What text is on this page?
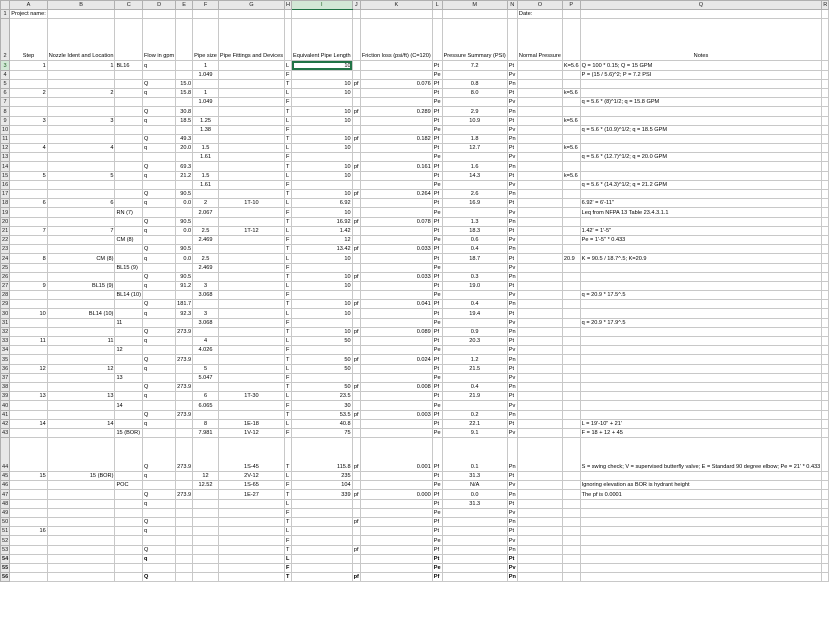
	A	B	C	D	E	F	G	H	I	J	K	L	M	N	O	P	Q	R
1	Project name:														Date:			
2	Step	Nozzle Ident and Location		Flow in gpm		Pipe size	Pipe Fittings and Devices		Equivalent Pipe Length		Friction loss (psi/ft) (C=120)		Pressure Summary (PSI)		Normal Pressure		Notes	
3	1	1	BL16	q		1		L	10			Pt	7.2	Pt		K=5.6	Q = 100 * 0.15; Q = 15 GPM	
4						1.049		F				Pe		Pv			P = (15 / 5.6)^2; P = 7.2 PSI	
5				Q	15.0			T	10	pf	0.076	Pf	0.8	Pn				
6	2	2		q	15.8	1		L	10			Pt	8.0	Pt		k=5.6		
7						1.049		F				Pe		Pv			q = 5.6 * (8)^1/2; q = 15.8 GPM	
8				Q	30.8			T	10	pf	0.289	Pf	2.9	Pn				
9	3	3		q	18.5	1.25		L	10			Pt	10.9	Pt		k=5.6		
10						1.38		F				Pe		Pv			q = 5.6 * (10.9)^1/2; q = 18.5 GPM	
11				Q	49.3			T	10	pf	0.182	Pf	1.8	Pn				
12	4	4		q	20.0	1.5		L	10			Pt	12.7	Pt		k=5.6		
13						1.61		F				Pe		Pv			q = 5.6 * (12.7)^1/2; q = 20.0 GPM	
14				Q	69.3			T	10	pf	0.161	Pf	1.6	Pn				
15	5	5		q	21.2	1.5		L	10			Pt	14.3	Pt		k=5.6		
16						1.61		F				Pe		Pv			q = 5.6 * (14.3)^1/2; q = 21.2 GPM	
17				Q	90.5			T	10	pf	0.264	Pf	2.6	Pn				
18	6	6		q	0.0	2	1T-10	L	6.92			Pt	16.9	Pt			6.92' = 6'-11"	
19			RN (7)			2.067		F	10			Pe		Pv			Leq from NFPA 13 Table 23.4.3.1.1	
20				Q	90.5			T	16.92	pf	0.078	Pf	1.3	Pn				
21	7	7		q	0.0	2.5	1T-12	L	1.42			Pt	18.3	Pt			1.42' = 1'-5"	
22			CM (8)			2.469		F	12			Pe	0.6	Pv			Pe = 1'-5" * 0.433	
23				Q	90.5			T	13.42	pf	0.033	Pf	0.4	Pn				
24	8	CM (8)		q	0.0	2.5		L	10			Pt	18.7	Pt		20.9	K = 90.5 / 18.7^.5; K=20.9	
25			BL15 (9)			2.469		F				Pe		Pv				
26				Q	90.5			T	10	pf	0.033	Pf	0.3	Pn				
27	9	BL15 (9)		q	91.2	3		L	10			Pt	19.0	Pt				
28			BL14 (10)			3.068		F				Pe		Pv			q = 20.9 * 17.5^.5	
29				Q	181.7			T	10	pf	0.041	Pf	0.4	Pn				
30	10	BL14 (10)		q	92.3	3		L	10			Pt	19.4	Pt				
31			11			3.068		F				Pe		Pv			q = 20.9 * 17.9^.5	
32				Q	273.9			T	10	pf	0.089	Pf	0.9	Pn				
33	11	11		q		4		L	50			Pt	20.3	Pt				
34			12			4.026		F				Pe		Pv				
35				Q	273.9			T	50	pf	0.024	Pf	1.2	Pn				
36	12	12		q		5		L	50			Pt	21.5	Pt				
37			13			5.047		F				Pe		Pv				
38				Q	273.9			T	50	pf	0.008	Pf	0.4	Pn				
39	13	13		q		6	1T-30	L	23.5			Pt	21.9	Pt				
40			14			6.065		F	30			Pe		Pv				
41				Q	273.9			T	53.5	pf	0.003	Pf	0.2	Pn				
42	14	14		q		8	1E-18	L	40.8			Pt	22.1	Pt			L = 19'-10" + 21'	
43			15 (BOR)			7.981	1V-12	F	75			Pe	9.1	Pv			F = 18 + 12 + 45	
44				Q	273.9		1S-45	T	115.8	pf	0.001	Pf	0.1	Pn			S = swing check; V = supervised butterfly valve; E = Standard 90 degree elbow; Pe = 21' * 0.433	
45	15	15 (BOR)		q		12	2V-12	L	235			Pt	31.3	Pt				
46			POC			12.52	1S-65	F	104			Pe	N/A	Pv			Ignoring elevation as BOR is hydrant height	
47				Q	273.9		1E-27	T	339	pf	0.000	Pf	0.0	Pn			The pf is 0.0001	
48				q				L				Pt	31.3	Pt				
49								F				Pe		Pv				
50				Q				T		pf		Pf		Pn				
51	16			q				L				Pt		Pt				
52								F				Pe		Pv				
53				Q				T		pf		Pf		Pn				
54				q				L				Pt		Pt				
55								F				Pe		Pv				
56				Q				T		pf		Pf		Pn				
